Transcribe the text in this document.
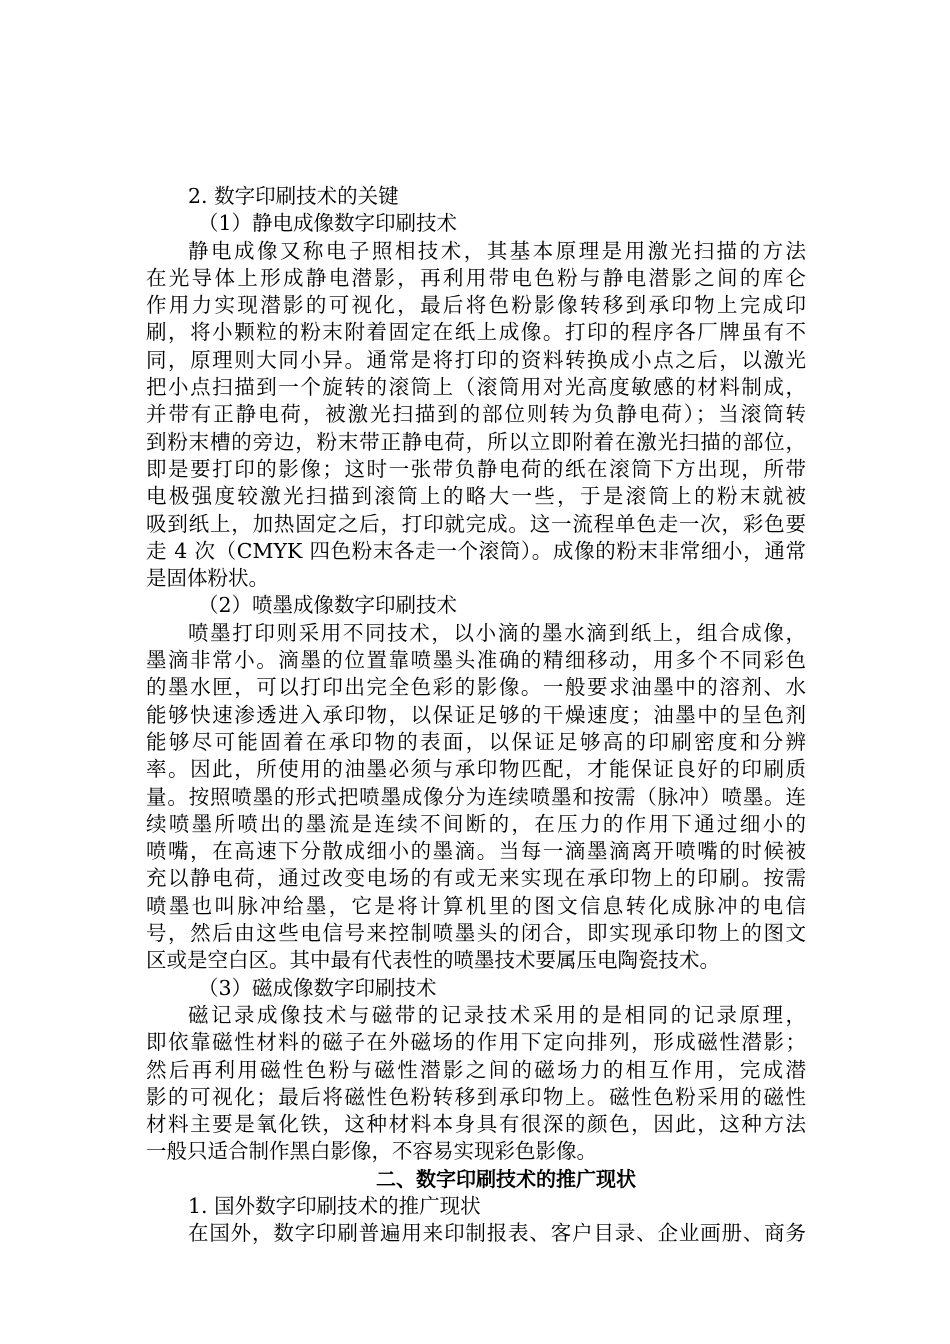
2. 数字印刷技术的关键
（1）静电成像数字印刷技术
静电成像又称电子照相技术，其基本原理是用激光扫描的方法
在光导体上形成静电潜影，再利用带电色粉与静电潜影之间的库仑
作用力实现潜影的可视化，最后将色粉影像转移到承印物上完成印
刷，将小颗粒的粉末附着固定在纸上成像。打印的程序各厂牌虽有不
同，原理则大同小异。通常是将打印的资料转换成小点之后，以激光
把小点扫描到一个旋转的滚筒上（滚筒用对光高度敏感的材料制成，
并带有正静电荷，被激光扫描到的部位则转为负静电荷）；当滚筒转
到粉末槽的旁边，粉末带正静电荷，所以立即附着在激光扫描的部位，
即是要打印的影像；这时一张带负静电荷的纸在滚筒下方出现，所带
电极强度较激光扫描到滚筒上的略大一些，于是滚筒上的粉末就被
吸到纸上，加热固定之后，打印就完成。这一流程单色走一次，彩色要
走 4 次（CMYK 四色粉末各走一个滚筒）。成像的粉末非常细小，通常
是固体粉状。
（2）喷墨成像数字印刷技术
喷墨打印则采用不同技术，以小滴的墨水滴到纸上，组合成像，
墨滴非常小。滴墨的位置靠喷墨头准确的精细移动，用多个不同彩色
的墨水匣，可以打印出完全色彩的影像。一般要求油墨中的溶剂、水
能够快速渗透进入承印物，以保证足够的干燥速度；油墨中的呈色剂
能够尽可能固着在承印物的表面，以保证足够高的印刷密度和分辨
率。因此，所使用的油墨必须与承印物匹配，才能保证良好的印刷质
量。按照喷墨的形式把喷墨成像分为连续喷墨和按需（脉冲）喷墨。连
续喷墨所喷出的墨流是连续不间断的，在压力的作用下通过细小的
喷嘴，在高速下分散成细小的墨滴。当每一滴墨滴离开喷嘴的时候被
充以静电荷，通过改变电场的有或无来实现在承印物上的印刷。按需
喷墨也叫脉冲给墨，它是将计算机里的图文信息转化成脉冲的电信
号，然后由这些电信号来控制喷墨头的闭合，即实现承印物上的图文
区或是空白区。其中最有代表性的喷墨技术要属压电陶瓷技术。
（3）磁成像数字印刷技术
磁记录成像技术与磁带的记录技术采用的是相同的记录原理，
即依靠磁性材料的磁子在外磁场的作用下定向排列，形成磁性潜影；
然后再利用磁性色粉与磁性潜影之间的磁场力的相互作用，完成潜
影的可视化；最后将磁性色粉转移到承印物上。磁性色粉采用的磁性
材料主要是氧化铁，这种材料本身具有很深的颜色，因此，这种方法
一般只适合制作黑白影像，不容易实现彩色影像。
二、数字印刷技术的推广现状
1. 国外数字印刷技术的推广现状
在国外，数字印刷普遍用来印制报表、客户目录、企业画册、商务
